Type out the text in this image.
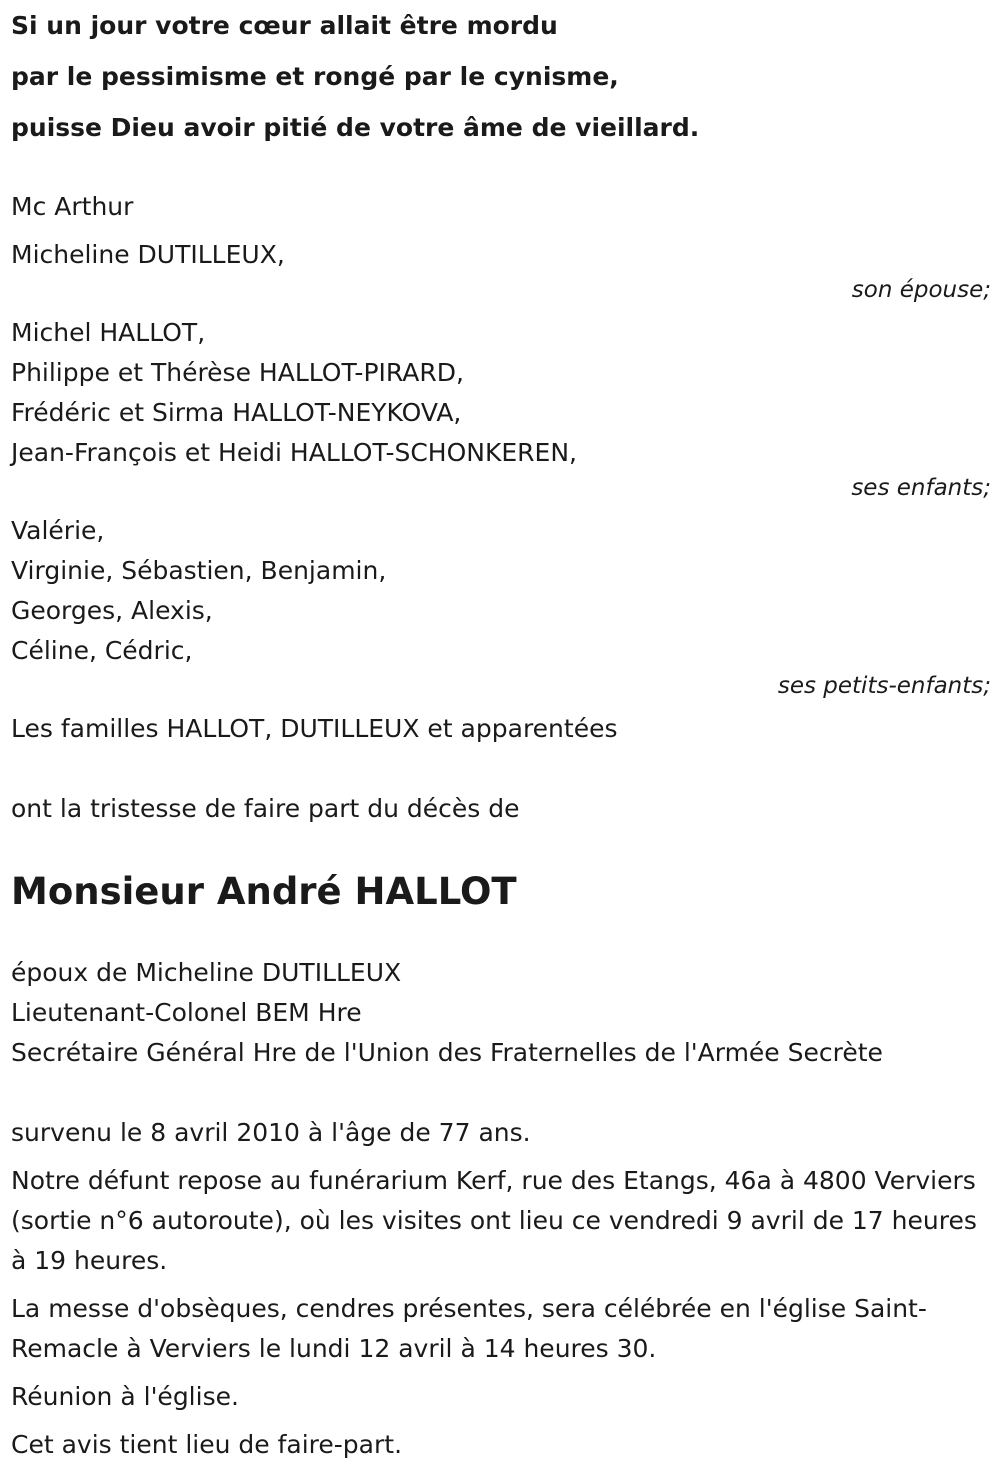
Si un jour votre cœur allait être mordu
par le pessimisme et rongé par le cynisme,
puisse Dieu avoir pitié de votre âme de vieillard.
Mc Arthur
Micheline DUTILLEUX,
son épouse;
Michel HALLOT,
Philippe et Thérèse HALLOT-PIRARD,
Frédéric et Sirma HALLOT-NEYKOVA,
Jean-François et Heidi HALLOT-SCHONKEREN,
ses enfants;
Valérie,
Virginie, Sébastien, Benjamin,
Georges, Alexis,
Céline, Cédric,
ses petits-enfants;
Les familles HALLOT, DUTILLEUX et apparentées
ont la tristesse de faire part du décès de
Monsieur André HALLOT
époux de Micheline DUTILLEUX
Lieutenant-Colonel BEM Hre
Secrétaire Général Hre de l'Union des Fraternelles de l'Armée Secrète
survenu le 8 avril 2010 à l'âge de 77 ans.
Notre défunt repose au funérarium Kerf, rue des Etangs, 46a à 4800 Verviers (sortie n°6 autoroute), où les visites ont lieu ce vendredi 9 avril de 17 heures à 19 heures.
La messe d'obsèques, cendres présentes, sera célébrée en l'église Saint-Remacle à Verviers le lundi 12 avril à 14 heures 30.
Réunion à l'église.
Cet avis tient lieu de faire-part.
